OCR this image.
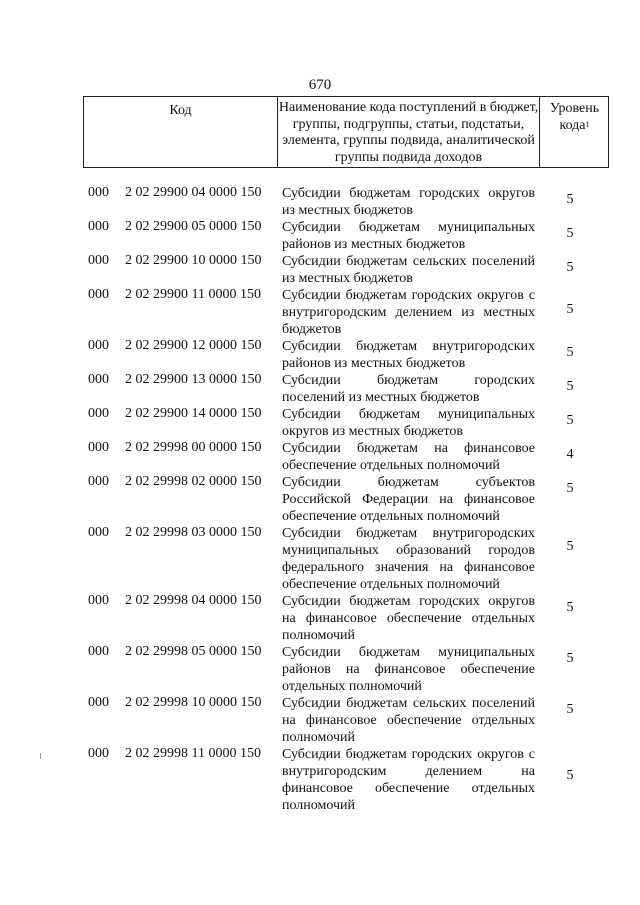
670
Код	Наименование кода поступлений в бюджет, группы, подгруппы, статьи, подстатьи, элемента, группы подвида, аналитической группы подвида доходов
Уровень кода$^1$
000 2 02 29900 04 0000 150 Субсидии бюджетам городских округов из местных бюджетов
5
000 2 02 29900 05 0000 150 Субсидии бюджетам муниципальных районов из местных бюджетов
5
000 2 02 29900 10 0000 150 Субсидии бюджетам сельских поселений из местных бюджетов
5
000 2 02 29900 11 0000 150 Субсидии бюджетам городских округов с внутригородским делением из местных бюджетов
5
000 2 02 29900 12 0000 150 Субсидии бюджетам внутригородских районов из местных бюджетов
5
000 2 02 29900 13 0000 150 Субсидии бюджетам городских поселений из местных бюджетов
5
000 2 02 29900 14 0000 150 Субсидии бюджетам муниципальных округов из местных бюджетов
5
000 2 02 29998 00 0000 150 Субсидии бюджетам на финансовое обеспечение отдельных полномочий
4
000 2 02 29998 02 0000 150 Субсидии бюджетам субъектов Российской Федерации на финансовое обеспечение отдельных полномочий
5
000 2 02 29998 03 0000 150 Субсидии бюджетам внутригородских муниципальных образований городов федерального значения на финансовое обеспечение отдельных полномочий
5
000 2 02 29998 04 0000 150 Субсидии бюджетам городских округов на финансовое обеспечение отдельных полномочий
5
000 2 02 29998 05 0000 150 Субсидии бюджетам муниципальных районов на финансовое обеспечение отдельных полномочий
5
000 2 02 29998 10 0000 150 Субсидии бюджетам сельских поселений на финансовое обеспечение отдельных полномочий
5
000 2 02 29998 11 0000 150 Субсидии бюджетам городских округов с внутригородским делением на финансовое обеспечение отдельных полномочий
5
